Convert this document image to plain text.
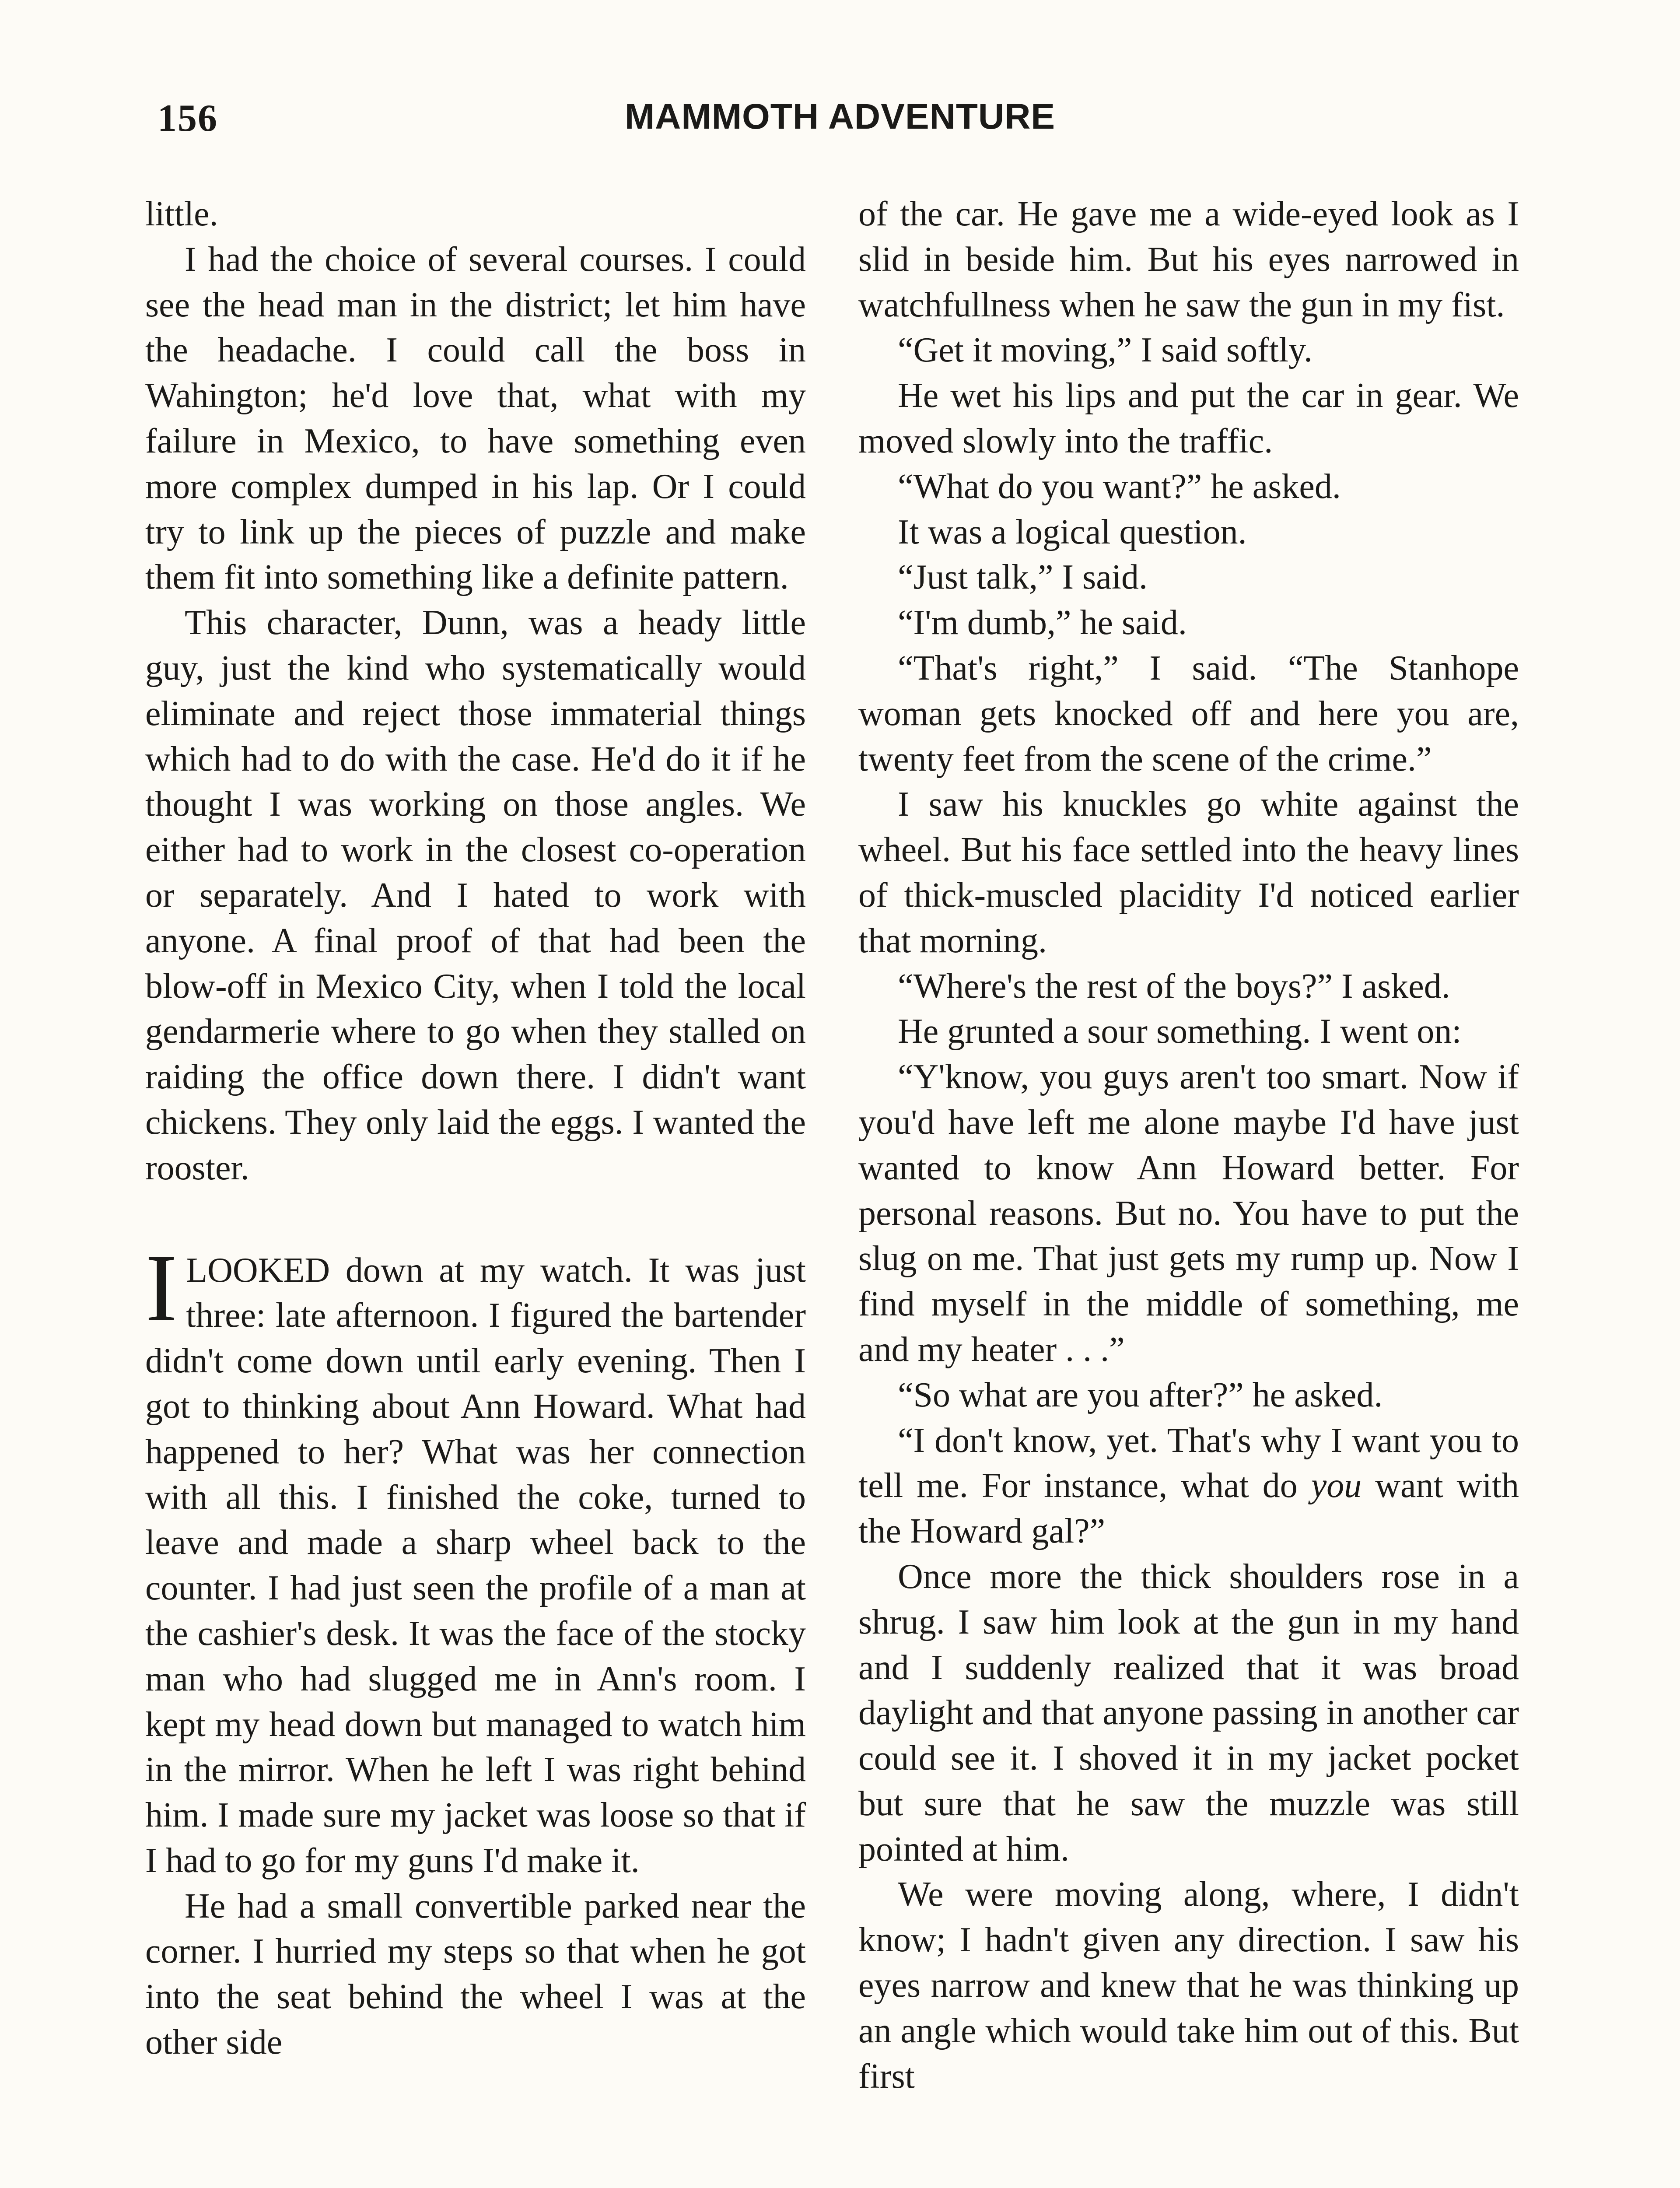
156	MAMMOTH ADVENTURE

little.

I had the choice of several courses. I could see the head man in the district; let him have the headache. I could call the boss in Wahington; he'd love that, what with my failure in Mexico, to have something even more complex dumped in his lap. Or I could try to link up the pieces of puzzle and make them fit into something like a definite pattern.

This character, Dunn, was a heady little guy, just the kind who systematically would eliminate and reject those immaterial things which had to do with the case. He'd do it if he thought I was working on those angles. We either had to work in the closest co-operation or separately. And I hated to work with anyone. A final proof of that had been the blow-off in Mexico City, when I told the local gendarmerie where to go when they stalled on raiding the office down there. I didn't want chickens. They only laid the eggs. I wanted the rooster.

I LOOKED down at my watch. It was just three: late afternoon. I figured the bartender didn't come down until early evening. Then I got to thinking about Ann Howard. What had happened to her? What was her connection with all this. I finished the coke, turned to leave and made a sharp wheel back to the counter. I had just seen the profile of a man at the cashier's desk. It was the face of the stocky man who had slugged me in Ann's room. I kept my head down but managed to watch him in the mirror. When he left I was right behind him. I made sure my jacket was loose so that if I had to go for my guns I'd make it.

He had a small convertible parked near the corner. I hurried my steps so that when he got into the seat behind the wheel I was at the other side

of the car. He gave me a wide-eyed look as I slid in beside him. But his eyes narrowed in watchfullness when he saw the gun in my fist.

“Get it moving,” I said softly.

He wet his lips and put the car in gear. We moved slowly into the traffic.

“What do you want?” he asked.

It was a logical question.

“Just talk,” I said.

“I'm dumb,” he said.

“That's right,” I said. “The Stanhope woman gets knocked off and here you are, twenty feet from the scene of the crime.”

I saw his knuckles go white against the wheel. But his face settled into the heavy lines of thick-muscled placidity I'd noticed earlier that morning.

“Where's the rest of the boys?” I asked.

He grunted a sour something. I went on:

“Y'know, you guys aren't too smart. Now if you'd have left me alone maybe I'd have just wanted to know Ann Howard better. For personal reasons. But no. You have to put the slug on me. That just gets my rump up. Now I find myself in the middle of something, me and my heater . . .”

“So what are you after?” he asked.

“I don't know, yet. That's why I want you to tell me. For instance, what do you want with the Howard gal?”

Once more the thick shoulders rose in a shrug. I saw him look at the gun in my hand and I suddenly realized that it was broad daylight and that anyone passing in another car could see it. I shoved it in my jacket pocket but sure that he saw the muzzle was still pointed at him.

We were moving along, where, I didn't know; I hadn't given any direction. I saw his eyes narrow and knew that he was thinking up an angle which would take him out of this. But first
